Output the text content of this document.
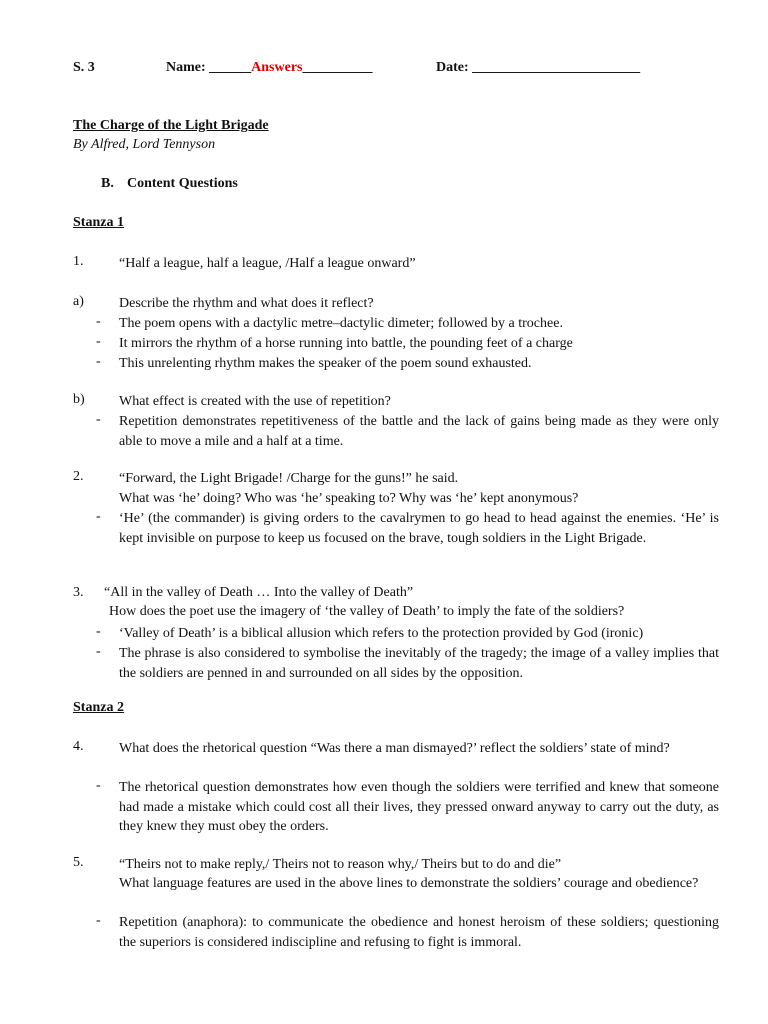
S. 3	Name: ______Answers__________	Date: ________________________
The Charge of the Light Brigade
By Alfred, Lord Tennyson
B. Content Questions
Stanza 1
1.	“Half a league, half a league, /Half a league onward”
a)	Describe the rhythm and what does it reflect?
- The poem opens with a dactylic metre–dactylic dimeter; followed by a trochee.
- It mirrors the rhythm of a horse running into battle, the pounding feet of a charge
- This unrelenting rhythm makes the speaker of the poem sound exhausted.
b) What effect is created with the use of repetition?
- Repetition demonstrates repetitiveness of the battle and the lack of gains being made as they were only able to move a mile and a half at a time.
2.	“Forward, the Light Brigade! /Charge for the guns!” he said.
What was ‘he’ doing? Who was ‘he’ speaking to? Why was ‘he’ kept anonymous?
- ‘He’ (the commander) is giving orders to the cavalrymen to go head to head against the enemies. ‘He’ is kept invisible on purpose to keep us focused on the brave, tough soldiers in the Light Brigade.
3. “All in the valley of Death … Into the valley of Death”
How does the poet use the imagery of ‘the valley of Death’ to imply the fate of the soldiers?
- ‘Valley of Death’ is a biblical allusion which refers to the protection provided by God (ironic)
- The phrase is also considered to symbolise the inevitably of the tragedy; the image of a valley implies that the soldiers are penned in and surrounded on all sides by the opposition.
Stanza 2
4.	What does the rhetorical question “Was there a man dismayed?’ reflect the soldiers’ state of mind?
- The rhetorical question demonstrates how even though the soldiers were terrified and knew that someone had made a mistake which could cost all their lives, they pressed onward anyway to carry out the duty, as they knew they must obey the orders.
5.	“Theirs not to make reply,/ Theirs not to reason why,/ Theirs but to do and die”
What language features are used in the above lines to demonstrate the soldiers’ courage and obedience?
- Repetition (anaphora): to communicate the obedience and honest heroism of these soldiers; questioning the superiors is considered indiscipline and refusing to fight is immoral.
